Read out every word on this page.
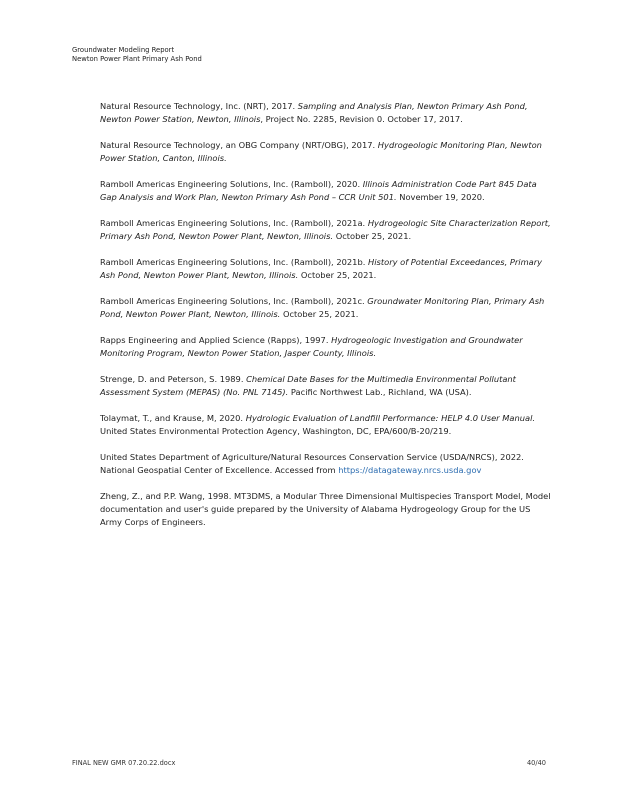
Groundwater Modeling Report
Newton Power Plant Primary Ash Pond

Natural Resource Technology, Inc. (NRT), 2017. Sampling and Analysis Plan, Newton Primary Ash Pond, Newton Power Station, Newton, Illinois, Project No. 2285, Revision 0. October 17, 2017.

Natural Resource Technology, an OBG Company (NRT/OBG), 2017. Hydrogeologic Monitoring Plan, Newton Power Station, Canton, Illinois.

Ramboll Americas Engineering Solutions, Inc. (Ramboll), 2020. Illinois Administration Code Part 845 Data Gap Analysis and Work Plan, Newton Primary Ash Pond – CCR Unit 501. November 19, 2020.

Ramboll Americas Engineering Solutions, Inc. (Ramboll), 2021a. Hydrogeologic Site Characterization Report, Primary Ash Pond, Newton Power Plant, Newton, Illinois. October 25, 2021.

Ramboll Americas Engineering Solutions, Inc. (Ramboll), 2021b. History of Potential Exceedances, Primary Ash Pond, Newton Power Plant, Newton, Illinois. October 25, 2021.

Ramboll Americas Engineering Solutions, Inc. (Ramboll), 2021c. Groundwater Monitoring Plan, Primary Ash Pond, Newton Power Plant, Newton, Illinois. October 25, 2021.

Rapps Engineering and Applied Science (Rapps), 1997. Hydrogeologic Investigation and Groundwater Monitoring Program, Newton Power Station, Jasper County, Illinois.

Strenge, D. and Peterson, S. 1989. Chemical Date Bases for the Multimedia Environmental Pollutant Assessment System (MEPAS) (No. PNL 7145). Pacific Northwest Lab., Richland, WA (USA).

Tolaymat, T., and Krause, M, 2020. Hydrologic Evaluation of Landfill Performance: HELP 4.0 User Manual. United States Environmental Protection Agency, Washington, DC, EPA/600/B-20/219.

United States Department of Agriculture/Natural Resources Conservation Service (USDA/NRCS), 2022. National Geospatial Center of Excellence. Accessed from https://datagateway.nrcs.usda.gov

Zheng, Z., and P.P. Wang, 1998. MT3DMS, a Modular Three Dimensional Multispecies Transport Model, Model documentation and user's guide prepared by the University of Alabama Hydrogeology Group for the US Army Corps of Engineers.

FINAL NEW GMR 07.20.22.docx	40/40
